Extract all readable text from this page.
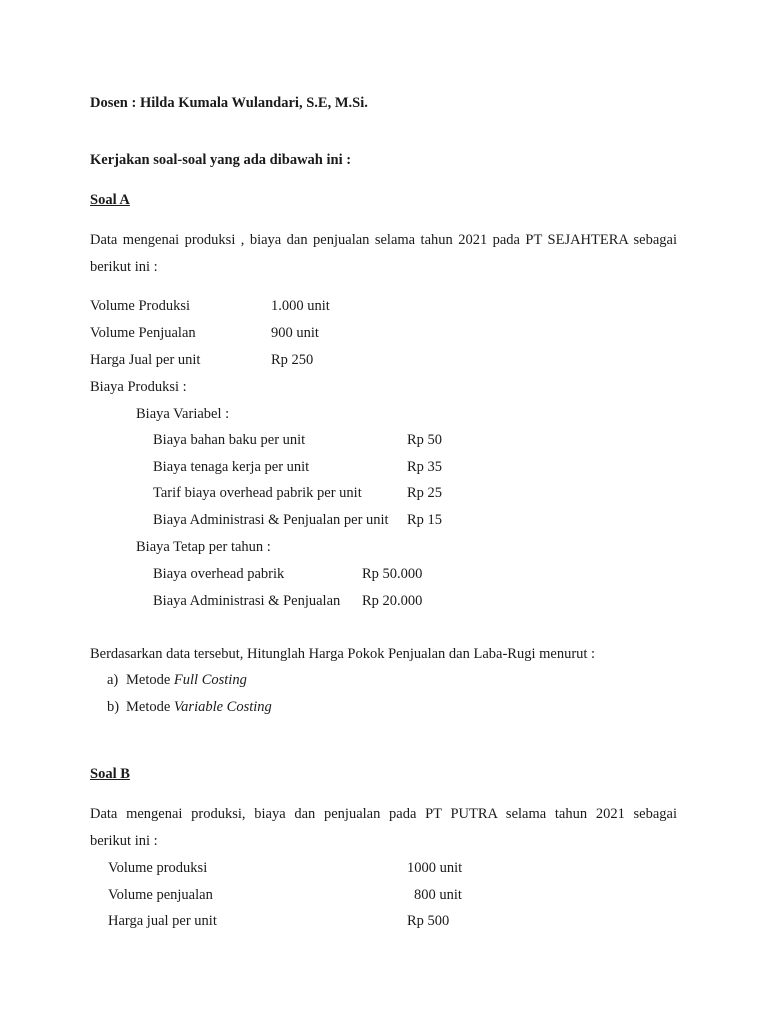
Dosen : Hilda Kumala Wulandari, S.E, M.Si.
Kerjakan soal-soal yang ada dibawah ini :
Soal A
Data mengenai produksi , biaya dan penjualan selama tahun 2021 pada PT SEJAHTERA sebagai
berikut ini :
Volume Produksi	1.000 unit
Volume Penjualan	900 unit
Harga Jual per unit	Rp 250
Biaya Produksi :
Biaya Variabel :
Biaya bahan baku per unit	Rp 50
Biaya tenaga kerja per unit	Rp 35
Tarif biaya overhead pabrik per unit	Rp 25
Biaya Administrasi & Penjualan per unit Rp 15
Biaya Tetap per tahun :
Biaya overhead pabrik	Rp 50.000
Biaya Administrasi & Penjualan Rp 20.000
Berdasarkan data tersebut, Hitunglah Harga Pokok Penjualan dan Laba-Rugi menurut :
a) Metode Full Costing
b) Metode Variable Costing
Soal B
Data mengenai produksi, biaya dan penjualan pada PT PUTRA selama tahun 2021 sebagai
berikut ini :
Volume produksi	1000 unit
Volume penjualan	800 unit
Harga jual per unit	Rp 500
